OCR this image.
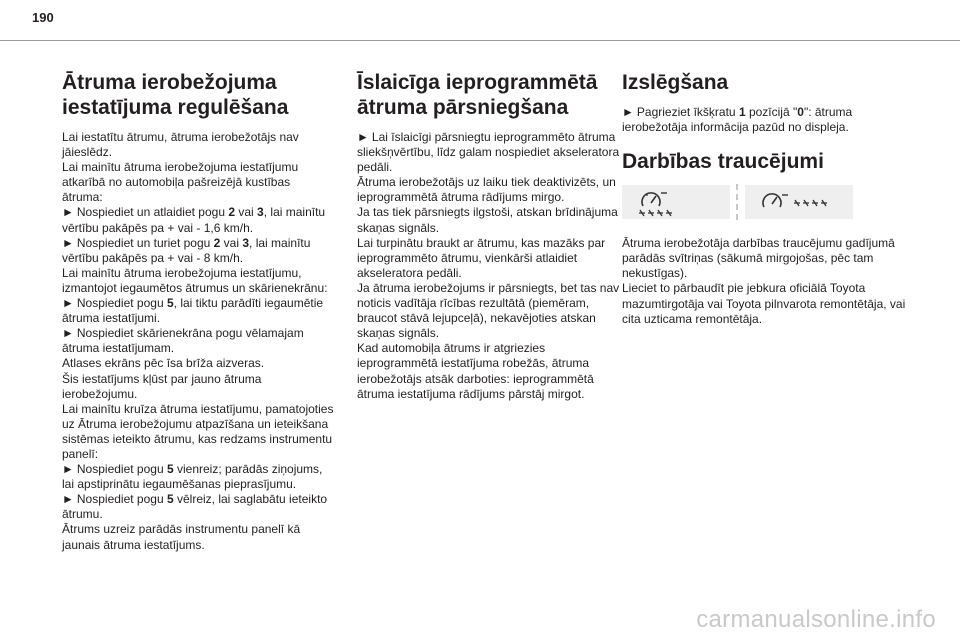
190
Ātruma ierobežojuma iestatījuma regulēšana

Lai iestatītu ātrumu, ātruma ierobežotājs nav jāieslēdz.
Lai mainītu ātruma ierobežojuma iestatījumu atkarībā no automobiļa pašreizējā kustības ātruma:

► Nospiediet un atlaidiet pogu 2 vai 3, lai mainītu vērtību pakāpēs pa + vai - 1,6 km/h.

► Nospiediet un turiet pogu 2 vai 3, lai mainītu vērtību pakāpēs pa + vai - 8 km/h.

Lai mainītu ātruma ierobežojuma iestatījumu, izmantojot iegaumētos ātrumus un skārienekrānu:

► Nospiediet pogu 5, lai tiktu parādīti iegaumētie ātruma iestatījumi.

► Nospiediet skārienekrāna pogu vēlamajam ātruma iestatījumam.

Atlases ekrāns pēc īsa brīža aizveras.
Šis iestatījums kļūst par jauno ātruma ierobežojumu.
Lai mainītu kruīza ātruma iestatījumu, pamatojoties uz Ātruma ierobežojumu atpazīšana un ieteikšana sistēmas ieteikto ātrumu, kas redzams instrumentu panelī:

► Nospiediet pogu 5 vienreiz; parādās ziņojums, lai apstiprinātu iegaumēšanas pieprasījumu.

► Nospiediet pogu 5 vēlreiz, lai saglabātu ieteikto ātrumu.

Ātrums uzreiz parādās instrumentu panelī kā jaunais ātruma iestatījums.

Īslaicīga ieprogrammētā ātruma pārsniegšana

► Lai īslaicīgi pārsniegtu ieprogrammēto ātruma sliekšņvērtību, līdz galam nospiediet akseleratora pedāli.

Ātruma ierobežotājs uz laiku tiek deaktivizēts, un ieprogrammētā ātruma rādījums mirgo.
Ja tas tiek pārsniegts ilgstoši, atskan brīdinājuma skaņas signāls.
Lai turpinātu braukt ar ātrumu, kas mazāks par ieprogrammēto ātrumu, vienkārši atlaidiet akseleratora pedāli.
Ja ātruma ierobežojums ir pārsniegts, bet tas nav noticis vadītāja rīcības rezultātā (piemēram, braucot stāvā lejupceļā), nekavējoties atskan skaņas signāls.
Kad automobiļa ātrums ir atgriezies ieprogrammētā iestatījuma robežās, ātruma ierobežotājs atsāk darboties: ieprogrammētā ātruma iestatījuma rādījums pārstāj mirgot.

Izslēgšana

► Pagrieziet īkšķratu 1 pozīcijā "0": ātruma ierobežotāja informācija pazūd no displeja.

Darbības traucējumi

Ātruma ierobežotāja darbības traucējumu gadījumā parādās svītriņas (sākumā mirgojošas, pēc tam nekustīgas).
Lieciet to pārbaudīt pie jebkura oficiālā Toyota mazumtirgotāja vai Toyota pilnvarota remontētāja, vai cita uzticama remontētāja.

carmanualsonline.info
